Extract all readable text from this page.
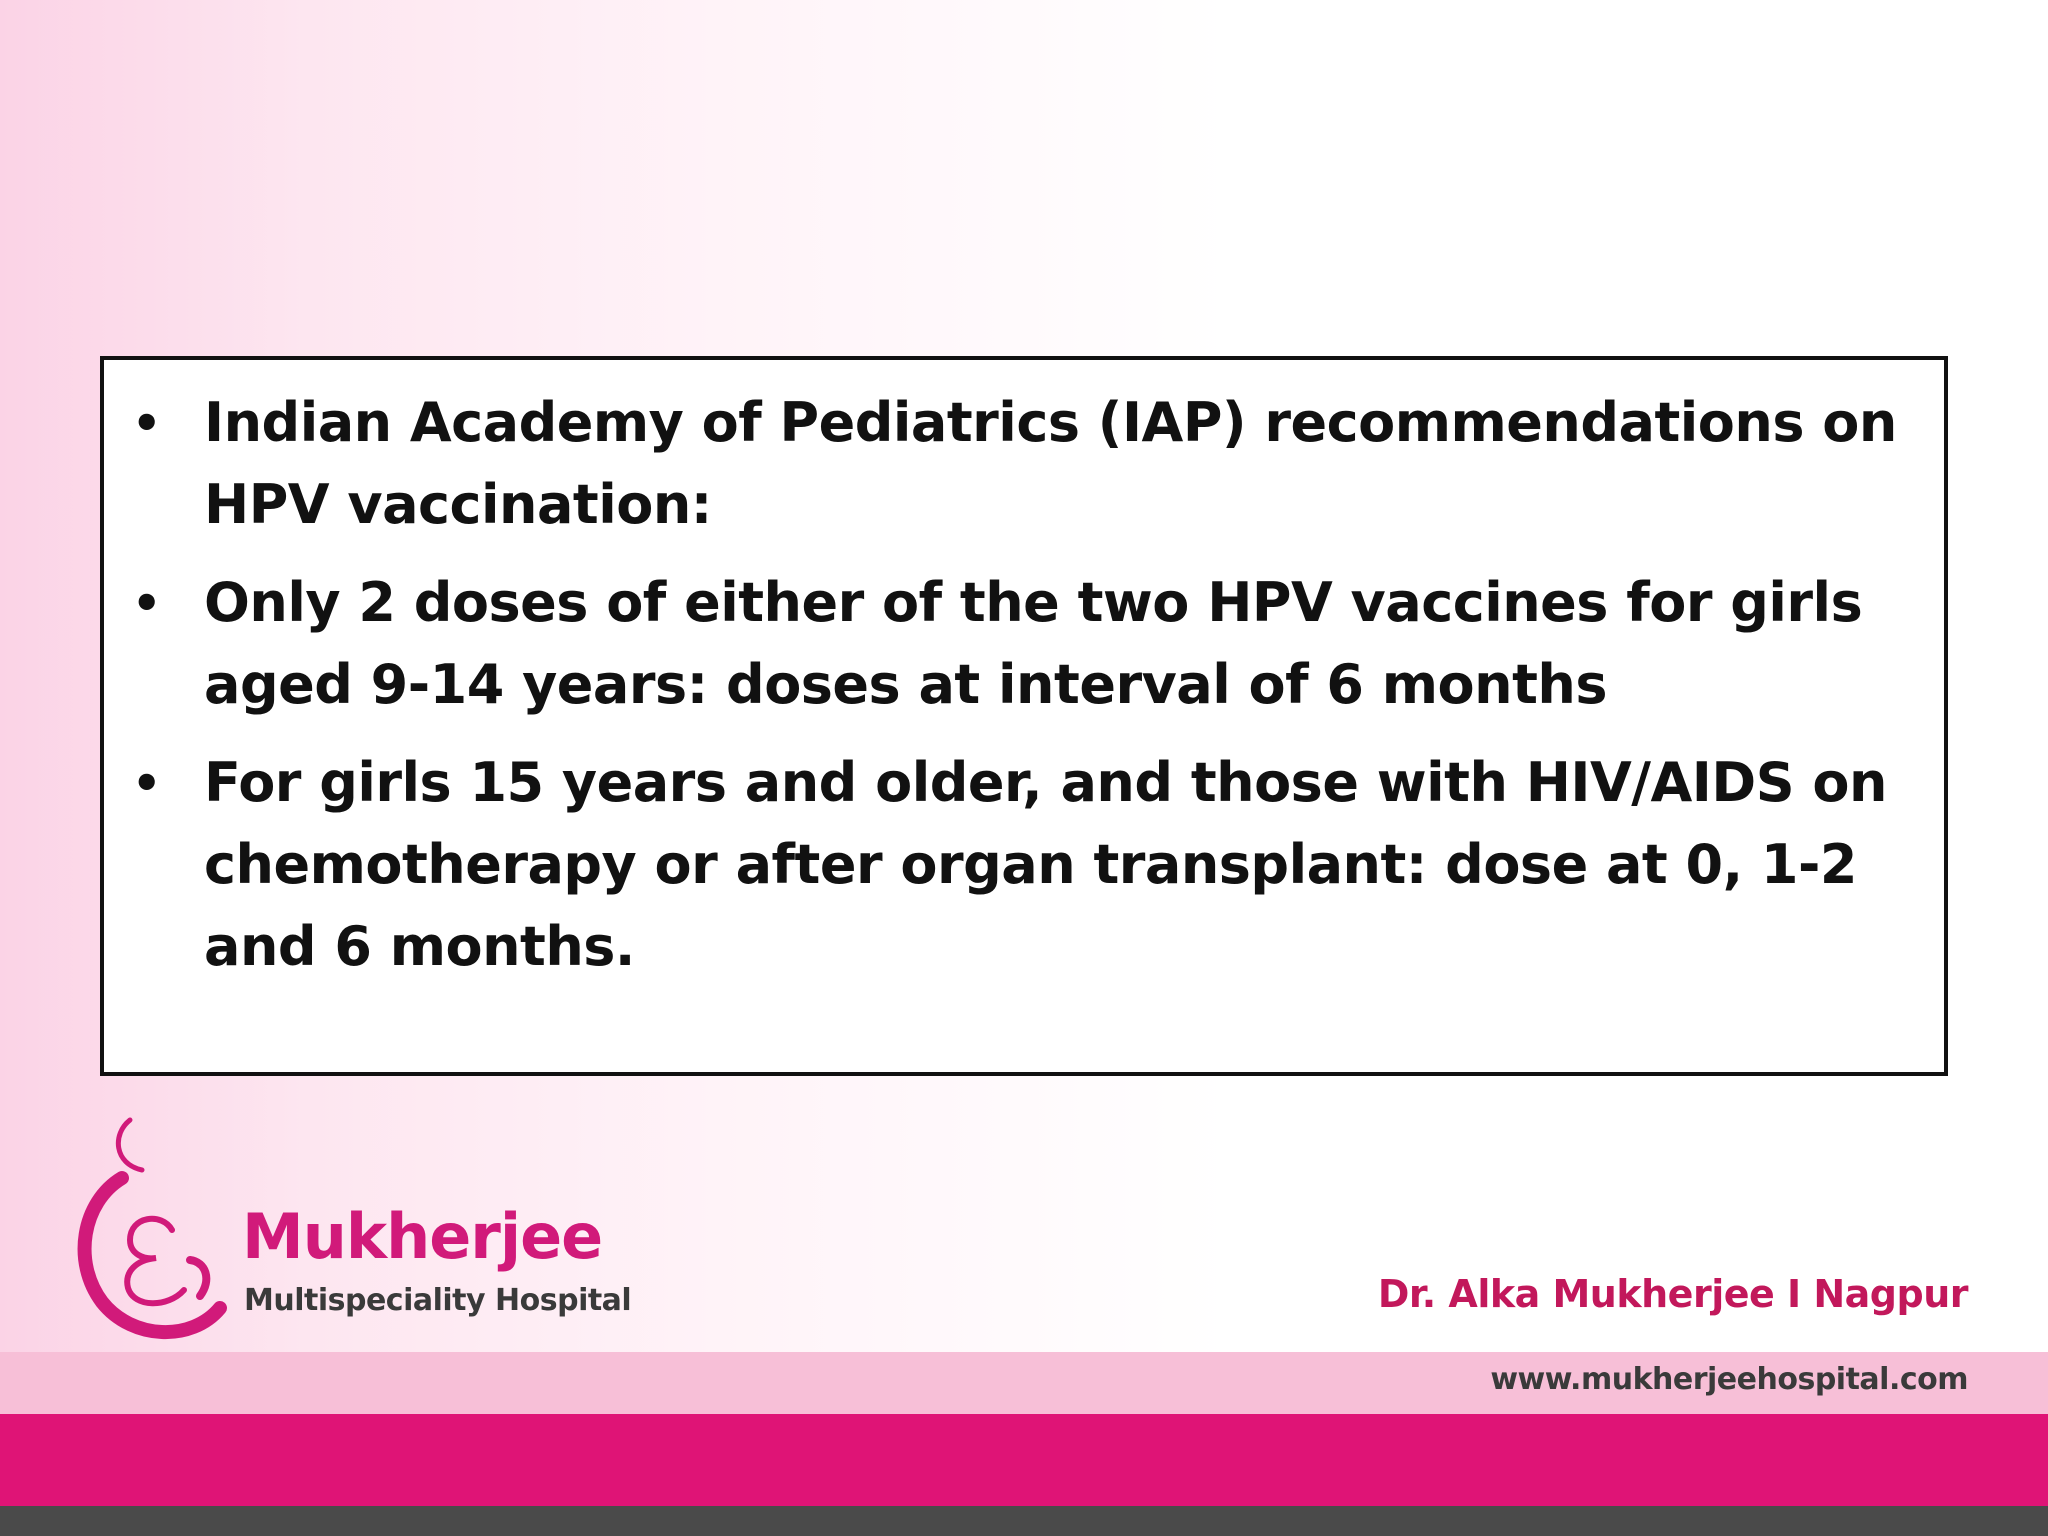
• Indian Academy of Pediatrics (IAP) recommendations on HPV vaccination:
• Only 2 doses of either of the two HPV vaccines for girls aged 9-14 years: doses at interval of 6 months
• For girls 15 years and older, and those with HIV/AIDS on chemotherapy or after organ transplant: dose at 0, 1-2 and 6 months.
Mukherjee
Multispeciality Hospital	Dr. Alka Mukherjee I Nagpur
www.mukherjeehospital.com
